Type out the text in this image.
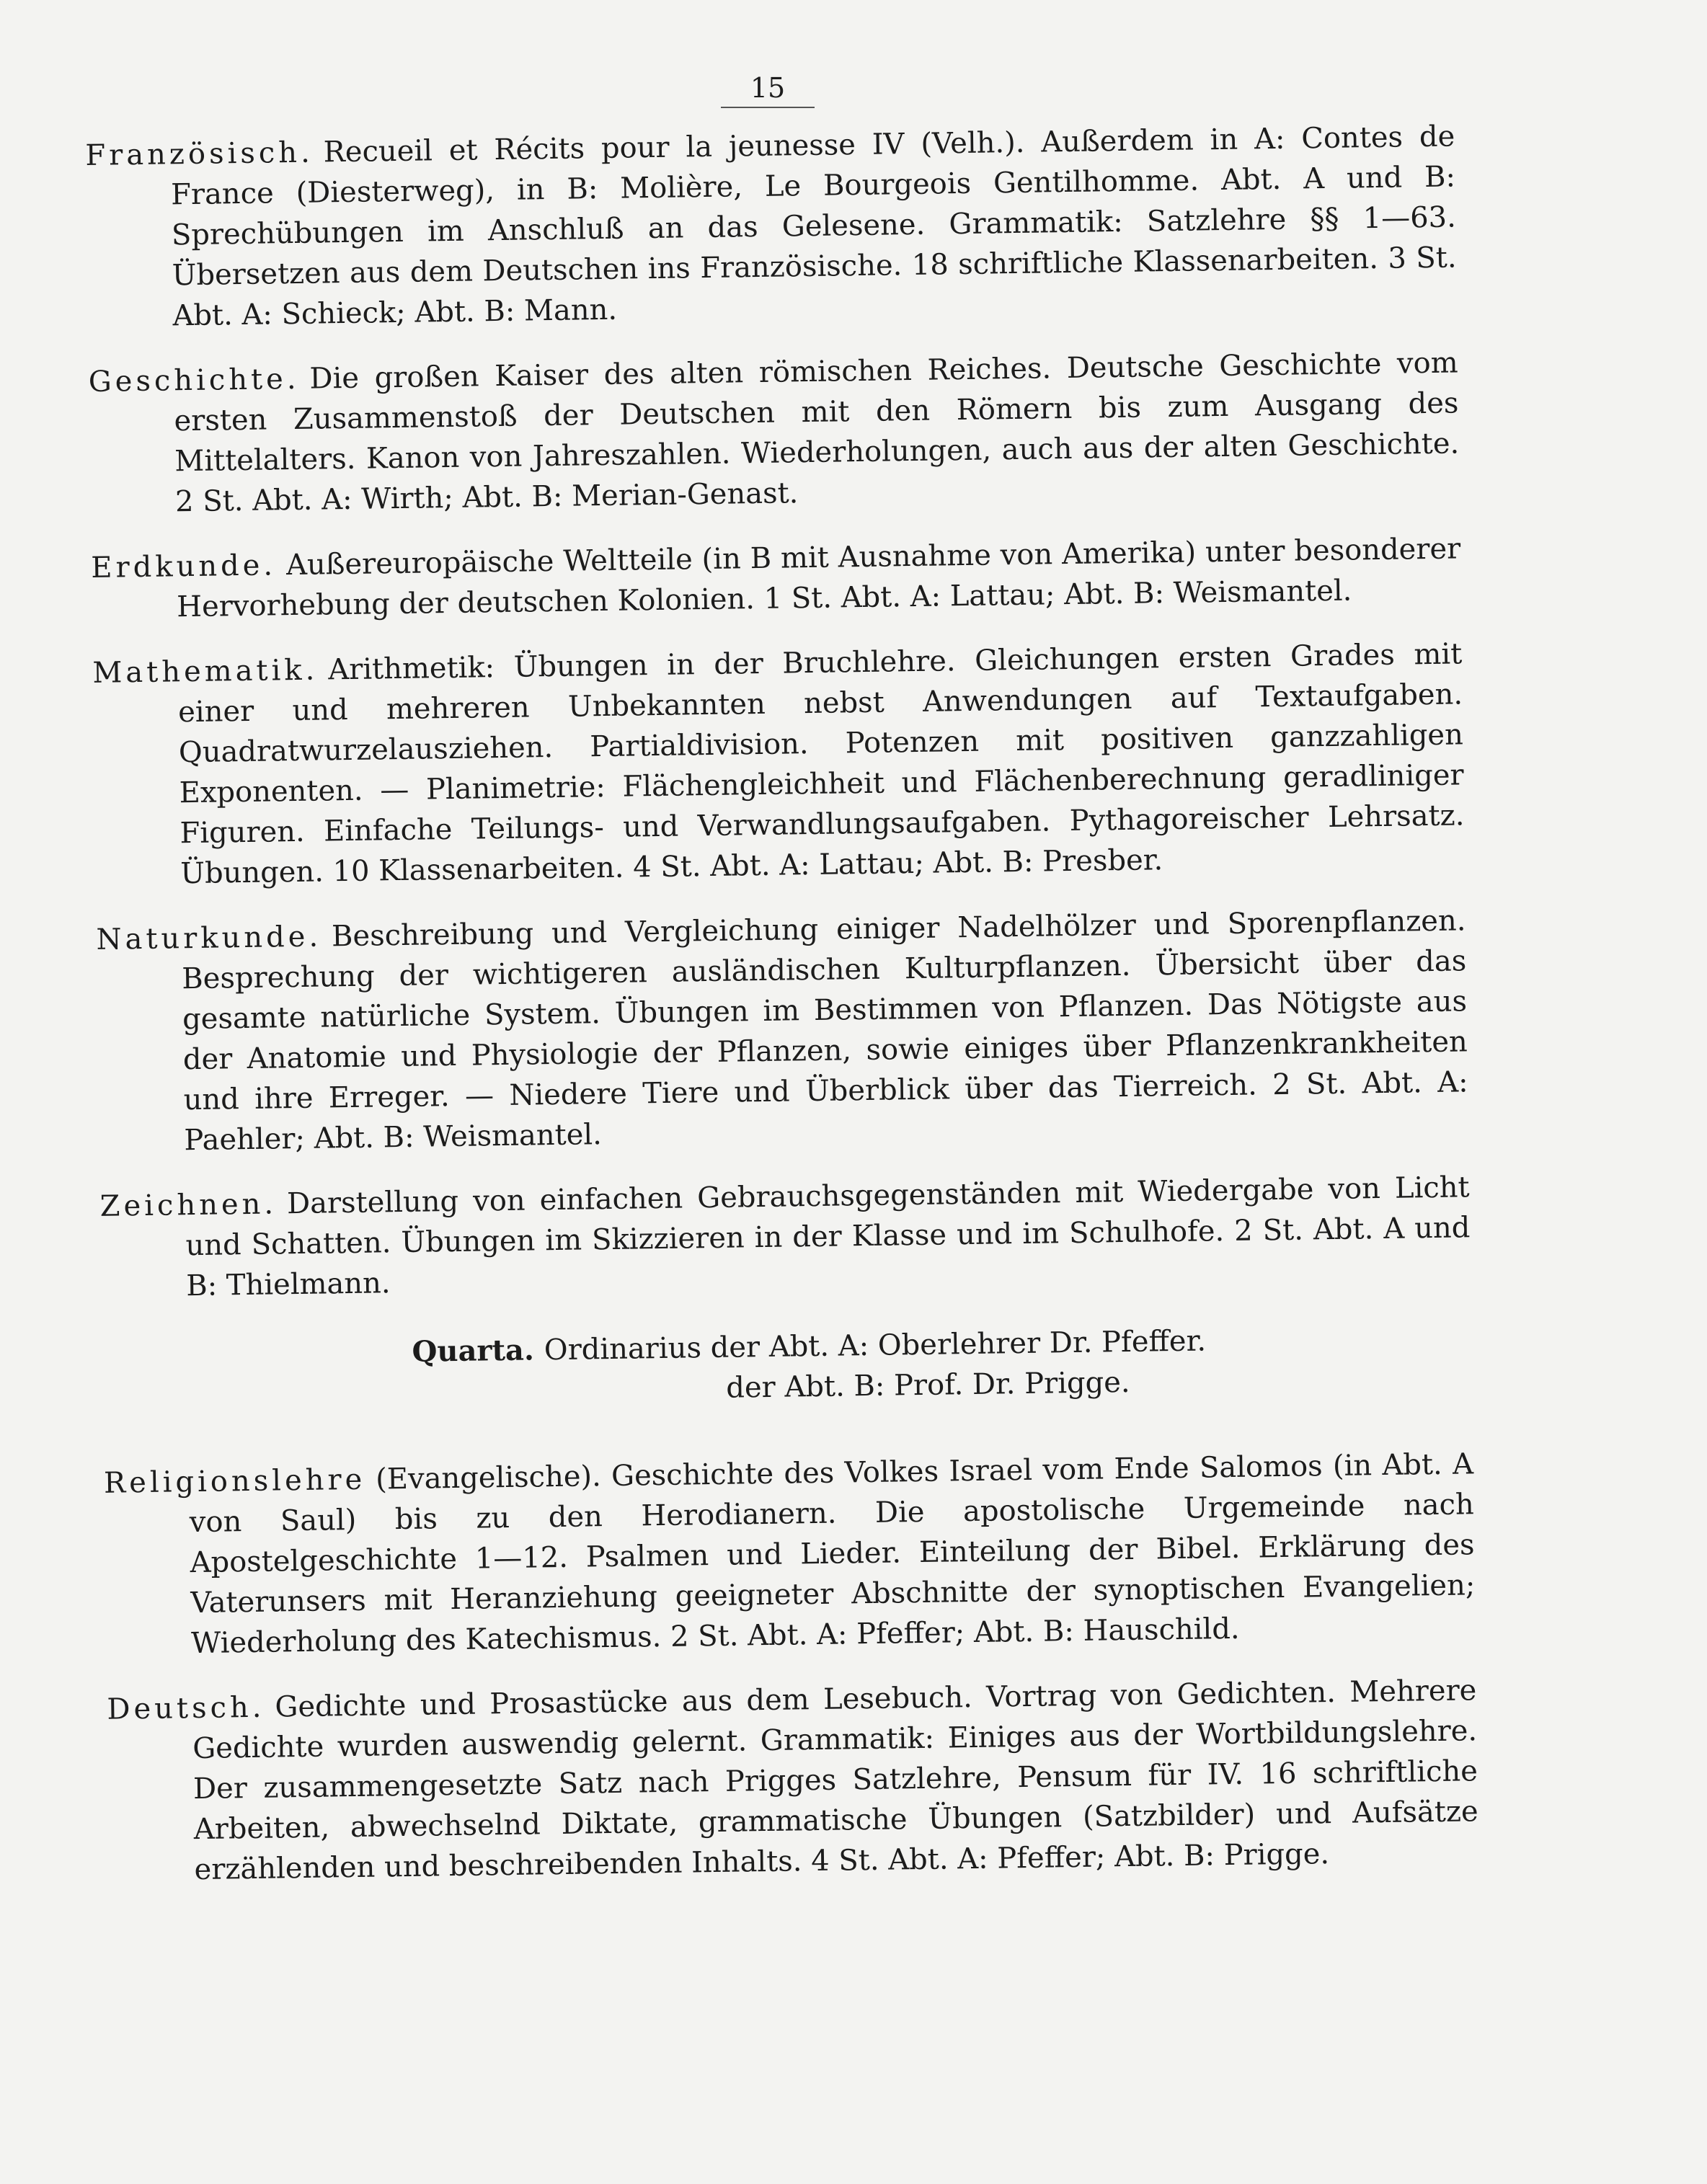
15

Französisch. Recueil et Récits pour la jeunesse IV (Velh.). Außerdem in A: Contes de France (Diesterweg), in B: Molière, Le Bourgeois Gentilhomme. Abt. A und B: Sprechübungen im Anschluß an das Gelesene. Grammatik: Satzlehre §§ 1—63. Übersetzen aus dem Deutschen ins Französische. 18 schriftliche Klassenarbeiten. 3 St. Abt. A: Schieck; Abt. B: Mann.

Geschichte. Die großen Kaiser des alten römischen Reiches. Deutsche Geschichte vom ersten Zusammenstoß der Deutschen mit den Römern bis zum Ausgang des Mittelalters. Kanon von Jahreszahlen. Wiederholungen, auch aus der alten Geschichte. 2 St. Abt. A: Wirth; Abt. B: Merian-Genast.

Erdkunde. Außereuropäische Weltteile (in B mit Ausnahme von Amerika) unter besonderer Hervorhebung der deutschen Kolonien. 1 St. Abt. A: Lattau; Abt. B: Weismantel.

Mathematik. Arithmetik: Übungen in der Bruchlehre. Gleichungen ersten Grades mit einer und mehreren Unbekannten nebst Anwendungen auf Textaufgaben. Quadratwurzelausziehen. Partialdivision. Potenzen mit positiven ganzzahligen Exponenten. — Planimetrie: Flächengleichheit und Flächenberechnung geradliniger Figuren. Einfache Teilungs- und Verwandlungsaufgaben. Pythagoreischer Lehrsatz. Übungen. 10 Klassenarbeiten. 4 St. Abt. A: Lattau; Abt. B: Presber.

Naturkunde. Beschreibung und Vergleichung einiger Nadelhölzer und Sporenpflanzen. Besprechung der wichtigeren ausländischen Kulturpflanzen. Übersicht über das gesamte natürliche System. Übungen im Bestimmen von Pflanzen. Das Nötigste aus der Anatomie und Physiologie der Pflanzen, sowie einiges über Pflanzenkrankheiten und ihre Erreger. — Niedere Tiere und Überblick über das Tierreich. 2 St. Abt. A: Paehler; Abt. B: Weismantel.

Zeichnen. Darstellung von einfachen Gebrauchsgegenständen mit Wiedergabe von Licht und Schatten. Übungen im Skizzieren in der Klasse und im Schulhofe. 2 St. Abt. A und B: Thielmann.

Quarta. Ordinarius der Abt. A: Oberlehrer Dr. Pfeffer.
der Abt. B: Prof. Dr. Prigge.

Religionslehre (Evangelische). Geschichte des Volkes Israel vom Ende Salomos (in Abt. A von Saul) bis zu den Herodianern. Die apostolische Urgemeinde nach Apostelgeschichte 1—12. Psalmen und Lieder. Einteilung der Bibel. Erklärung des Vaterunsers mit Heranziehung geeigneter Abschnitte der synoptischen Evangelien; Wiederholung des Katechismus. 2 St. Abt. A: Pfeffer; Abt. B: Hauschild.

Deutsch. Gedichte und Prosastücke aus dem Lesebuch. Vortrag von Gedichten. Mehrere Gedichte wurden auswendig gelernt. Grammatik: Einiges aus der Wortbildungslehre. Der zusammengesetzte Satz nach Prigges Satzlehre, Pensum für IV. 16 schriftliche Arbeiten, abwechselnd Diktate, grammatische Übungen (Satzbilder) und Aufsätze erzählenden und beschreibenden Inhalts. 4 St. Abt. A: Pfeffer; Abt. B: Prigge.
